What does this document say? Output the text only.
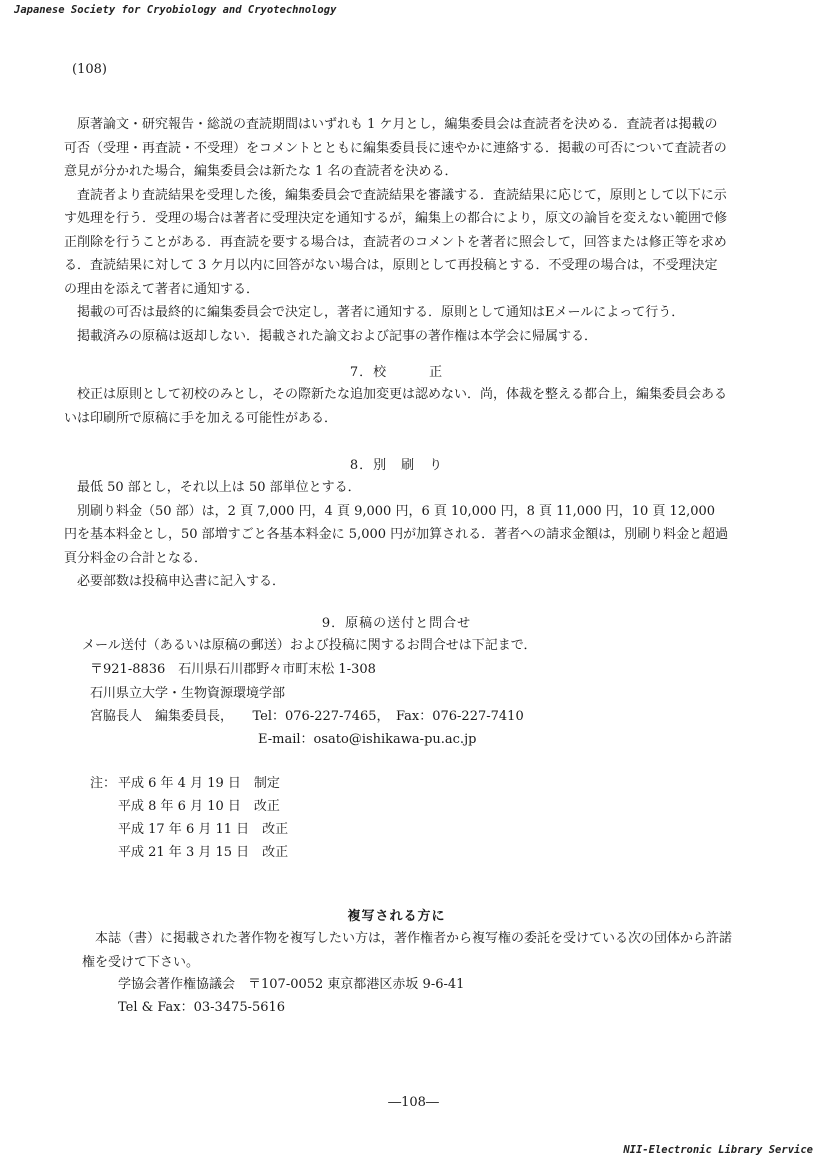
Japanese Society for Cryobiology and Cryotechnology
(108)

原著論文・研究報告・総説の査読期間はいずれも 1 ケ月とし，編集委員会は査読者を決める．査読者は掲載の可否（受理・再査読・不受理）をコメントとともに編集委員長に速やかに連絡する．掲載の可否について査読者の意見が分かれた場合，編集委員会は新たな 1 名の査読者を決める．

査読者より査読結果を受理した後，編集委員会で査読結果を審議する．査読結果に応じて，原則として以下に示す処理を行う．受理の場合は著者に受理決定を通知するが，編集上の都合により，原文の論旨を変えない範囲で修正削除を行うことがある．再査読を要する場合は，査読者のコメントを著者に照会して，回答または修正等を求める．査読結果に対して 3 ケ月以内に回答がない場合は，原則として再投稿とする．不受理の場合は，不受理決定の理由を添えて著者に通知する．

掲載の可否は最終的に編集委員会で決定し，著者に通知する．原則として通知はEメールによって行う．

掲載済みの原稿は返却しない．掲載された論文および記事の著作権は本学会に帰属する．

7．校　　　正

校正は原則として初校のみとし，その際新たな追加変更は認めない．尚，体裁を整える都合上，編集委員会あるいは印刷所で原稿に手を加える可能性がある．

8．別　刷　り

最低 50 部とし，それ以上は 50 部単位とする．

別刷り料金（50 部）は，2 頁 7,000 円，4 頁 9,000 円，6 頁 10,000 円，8 頁 11,000 円，10 頁 12,000 円を基本料金とし，50 部増すごと各基本料金に 5,000 円が加算される．著者への請求金額は，別刷り料金と超過頁分料金の合計となる．

必要部数は投稿申込書に記入する．

9．原稿の送付と問合せ
メール送付（あるいは原稿の郵送）および投稿に関するお問合せは下記まで．
〒921-8836　石川県石川郡野々市町末松 1-308
石川県立大学・生物資源環境学部
宮脇長人　編集委員長，　　Tel：076-227-7465，　Fax：076-227-7410
E-mail：osato@ishikawa-pu.ac.jp
注： 平成 6 年 4 月 19 日　制定
平成 8 年 6 月 10 日　改正
平成 17 年 6 月 11 日　改正
平成 21 年 3 月 15 日　改正
複写される方に

本誌（書）に掲載された著作物を複写したい方は，著作権者から複写権の委託を受けている次の団体から許諾権を受けて下さい。

学協会著作権協議会　〒107-0052 東京都港区赤坂 9-6-41
Tel & Fax：03-3475-5616
―108―
NII-Electronic Library Service
